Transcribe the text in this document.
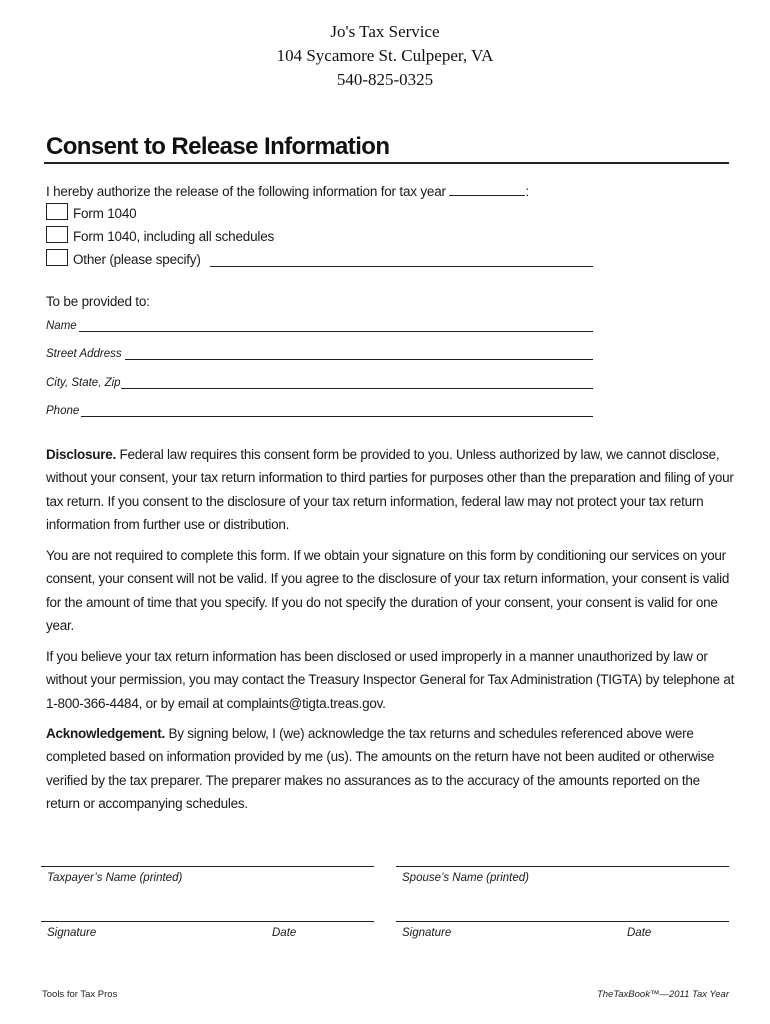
Jo's Tax Service
104 Sycamore St. Culpeper, VA
540-825-0325
Consent to Release Information
I hereby authorize the release of the following information for tax year	:
Form 1040
Form 1040, including all schedules
Other (please specify)
To be provided to:
Name
Street Address
City, State, Zip
Phone
Disclosure. Federal law requires this consent form be provided to you. Unless authorized by law, we cannot disclose, without your consent, your tax return information to third parties for purposes other than the preparation and filing of your tax return. If you consent to the disclosure of your tax return information, federal law may not protect your tax return information from further use or distribution.
You are not required to complete this form. If we obtain your signature on this form by conditioning our services on your consent, your consent will not be valid. If you agree to the disclosure of your tax return information, your consent is valid for the amount of time that you specify. If you do not specify the duration of your consent, your consent is valid for one year.
If you believe your tax return information has been disclosed or used improperly in a manner unauthorized by law or without your permission, you may contact the Treasury Inspector General for Tax Administration (TIGTA) by telephone at 1-800-366-4484, or by email at complaints@tigta.treas.gov.
Acknowledgement. By signing below, I (we) acknowledge the tax returns and schedules referenced above were completed based on information provided by me (us). The amounts on the return have not been audited or otherwise verified by the tax preparer. The preparer makes no assurances as to the accuracy of the amounts reported on the return or accompanying schedules.
Taxpayer’s Name (printed)	Spouse’s Name (printed)
Signature	Date	Signature	Date
Tools for Tax Pros	TheTaxBook™—2011 Tax Year
